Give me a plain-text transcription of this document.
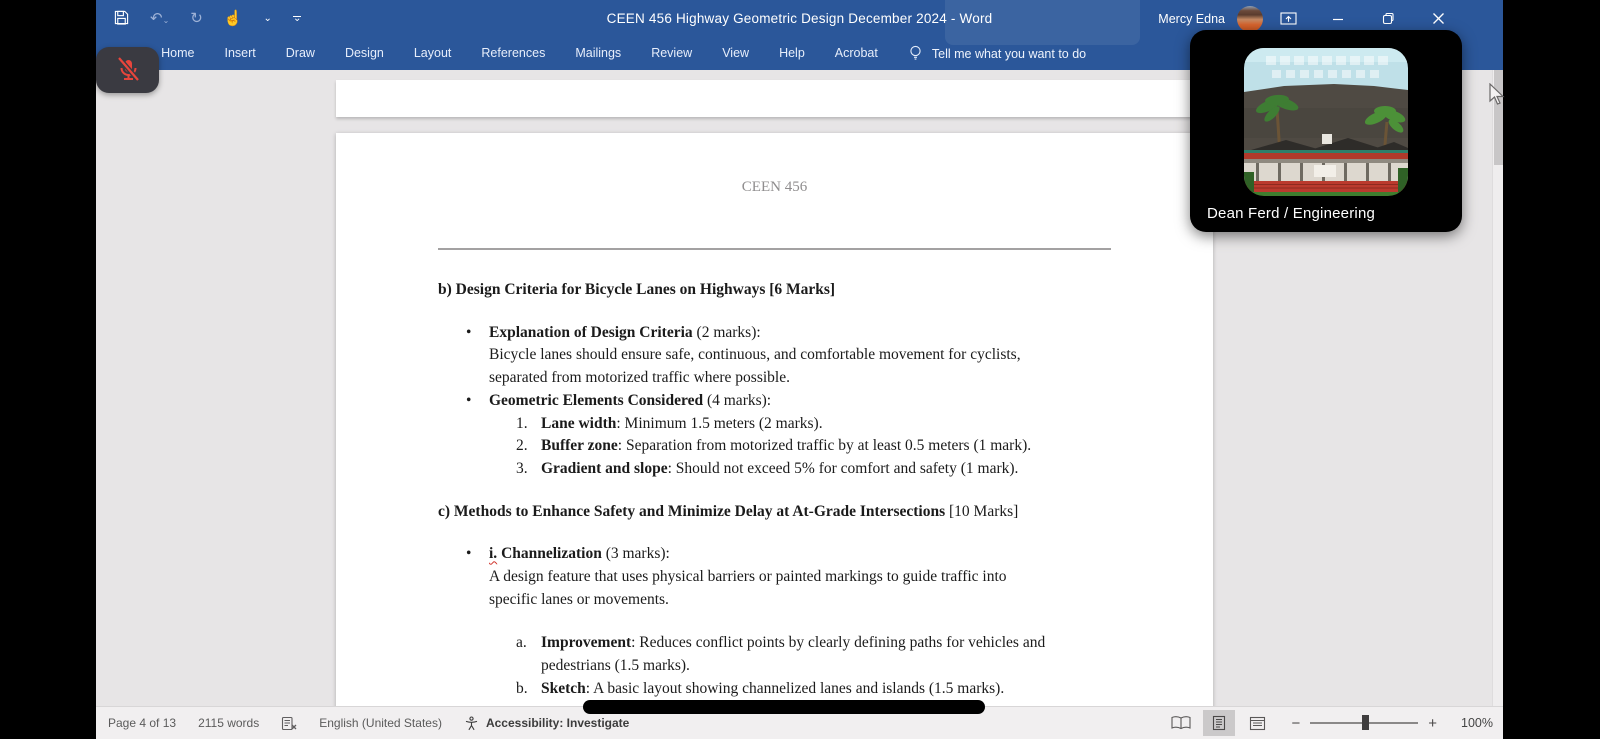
↶⌄ ↻ ☝ ⌄ ⌄	CEEN 456 Highway Geometric Design December 2024 - Word	Mercy Edna
Home	Insert	Draw	Design	Layout	References	Mailings	Review	View	Help	Acrobat	Tell me what you want to do
CEEN 456
b) Design Criteria for Bicycle Lanes on Highways [6 Marks]
•	Explanation of Design Criteria (2 marks):
Bicycle lanes should ensure safe, continuous, and comfortable movement for cyclists,
separated from motorized traffic where possible.
•	Geometric Elements Considered (4 marks):
1. Lane width: Minimum 1.5 meters (2 marks).
2. Buffer zone: Separation from motorized traffic by at least 0.5 meters (1 mark).
3. Gradient and slope: Should not exceed 5% for comfort and safety (1 mark).
c) Methods to Enhance Safety and Minimize Delay at At-Grade Intersections [10 Marks]
•	i. Channelization (3 marks):
A design feature that uses physical barriers or painted markings to guide traffic into
specific lanes or movements.
a. Improvement: Reduces conflict points by clearly defining paths for vehicles and
pedestrians (1.5 marks).
b. Sketch: A basic layout showing channelized lanes and islands (1.5 marks).
Page 4 of 13 2115 words	English (United States)	Accessibility: Investigate	−	+	100%
Dean Ferd / Engineering
